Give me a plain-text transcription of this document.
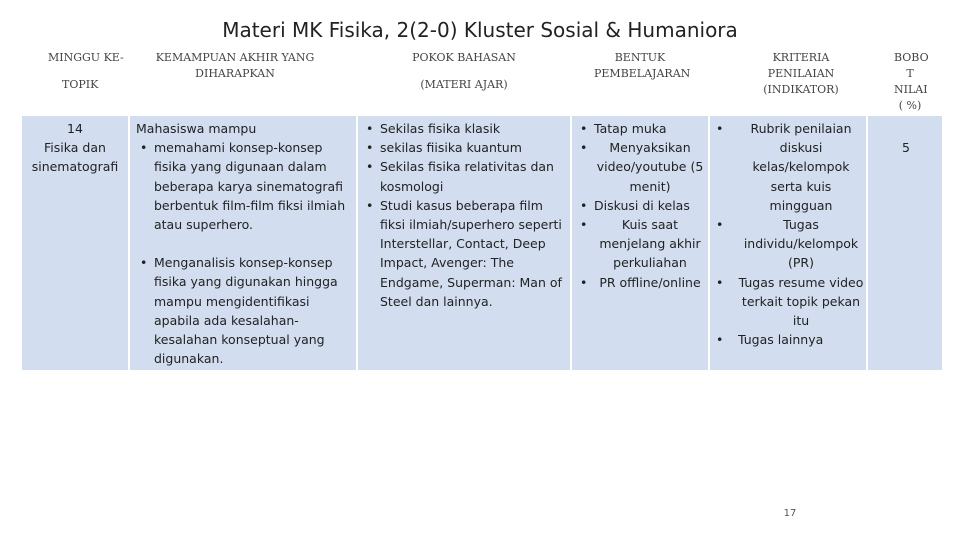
Materi MK Fisika, 2(2-0) Kluster Sosial & Humaniora
MINGGU KE-
TOPIK
KEMAMPUAN AKHIR YANG DIHARAPKAN
POKOK BAHASAN
(MATERI AJAR)
BENTUK PEMBELAJARAN
KRITERIA PENILAIAN (INDIKATOR)
BOBO T NILAI ( %)
14
Fisika dan
sinematografi
Mahasiswa mampu
• memahami konsep-konsep fisika yang digunaan dalam beberapa karya sinematografi berbentuk film-film fiksi ilmiah atau superhero.
• Menganalisis konsep-konsep fisika yang digunakan hingga mampu mengidentifikasi apabila ada kesalahan-kesalahan konseptual yang digunakan.
• Sekilas fisika klasik
• sekilas fiisika kuantum
• Sekilas fisika relativitas dan kosmologi
• Studi kasus beberapa film fiksi ilmiah/superhero seperti Interstellar, Contact, Deep Impact, Avenger: The Endgame, Superman: Man of Steel dan lainnya.
• Tatap muka
• Menyaksikan video/youtube (5 menit)
• Diskusi di kelas
• Kuis saat menjelang akhir perkuliahan
• PR offline/online
• Rubrik penilaian diskusi kelas/kelompok serta kuis mingguan
• Tugas individu/kelompok (PR)
• Tugas resume video terkait topik pekan itu
• Tugas lainnya
5
17
